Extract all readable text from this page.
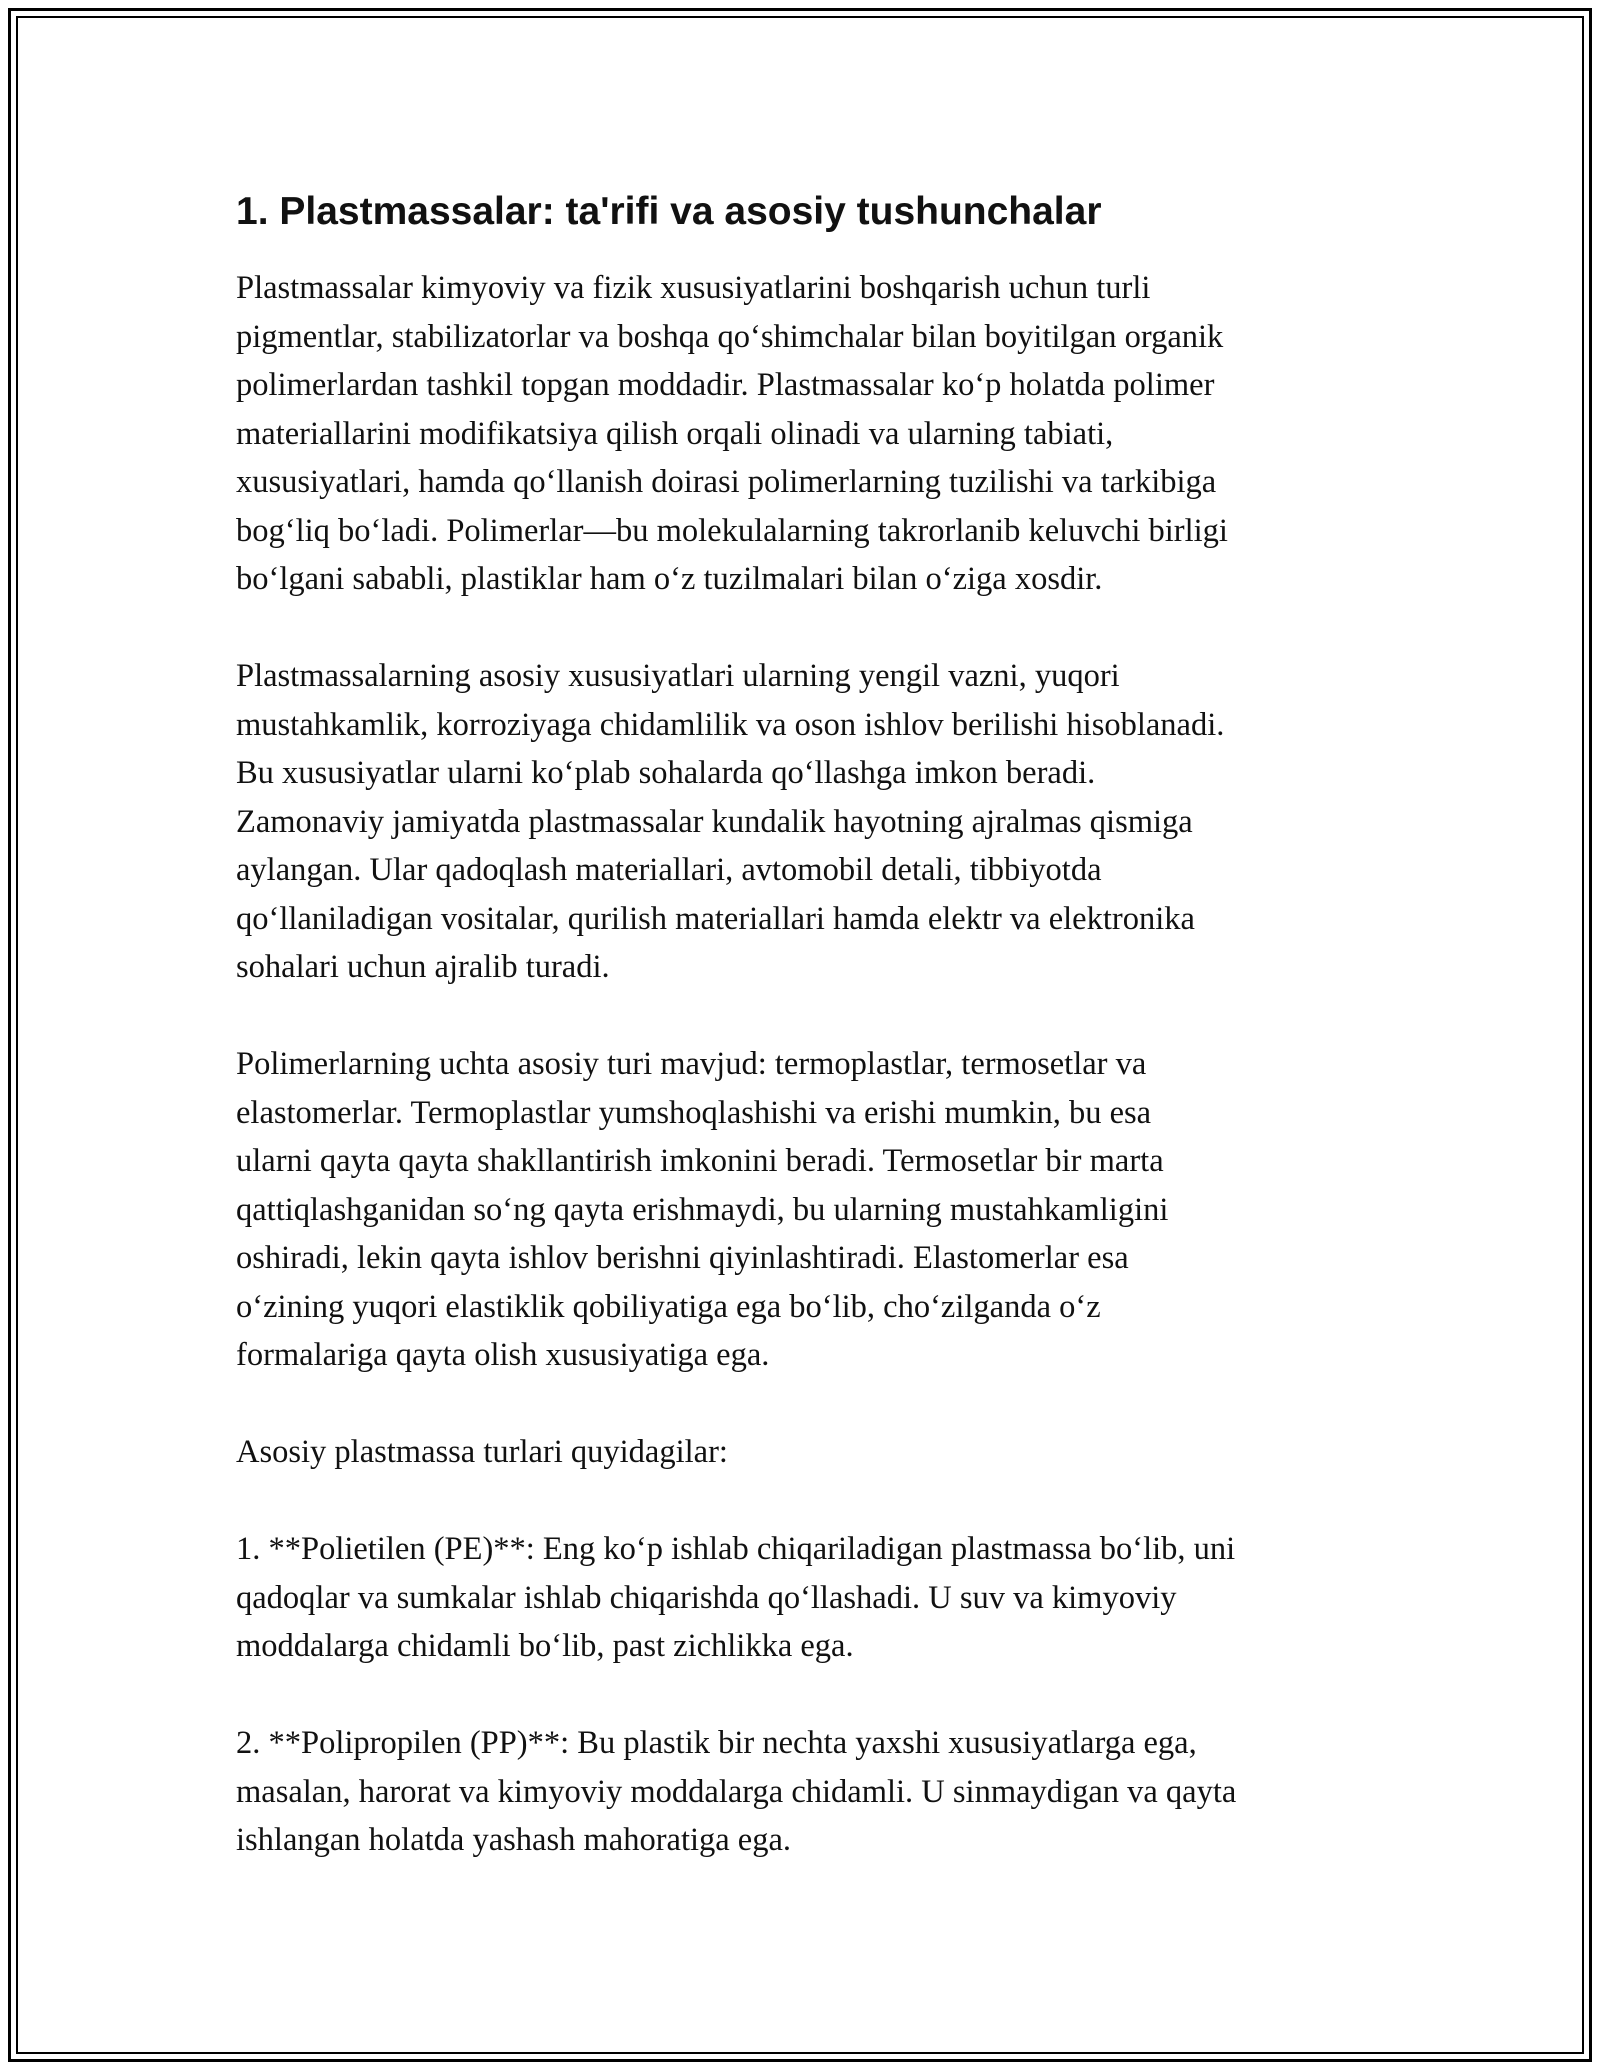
1. Plastmassalar: ta'rifi va asosiy tushunchalar
Plastmassalar kimyoviy va fizik xususiyatlarini boshqarish uchun turli
pigmentlar, stabilizatorlar va boshqa qo‘shimchalar bilan boyitilgan organik
polimerlardan tashkil topgan moddadir. Plastmassalar ko‘p holatda polimer
materiallarini modifikatsiya qilish orqali olinadi va ularning tabiati,
xususiyatlari, hamda qo‘llanish doirasi polimerlarning tuzilishi va tarkibiga
bog‘liq bo‘ladi. Polimerlar—bu molekulalarning takrorlanib keluvchi birligi
bo‘lgani sababli, plastiklar ham o‘z tuzilmalari bilan o‘ziga xosdir.
Plastmassalarning asosiy xususiyatlari ularning yengil vazni, yuqori
mustahkamlik, korroziyaga chidamlilik va oson ishlov berilishi hisoblanadi.
Bu xususiyatlar ularni ko‘plab sohalarda qo‘llashga imkon beradi.
Zamonaviy jamiyatda plastmassalar kundalik hayotning ajralmas qismiga
aylangan. Ular qadoqlash materiallari, avtomobil detali, tibbiyotda
qo‘llaniladigan vositalar, qurilish materiallari hamda elektr va elektronika
sohalari uchun ajralib turadi.
Polimerlarning uchta asosiy turi mavjud: termoplastlar, termosetlar va
elastomerlar. Termoplastlar yumshoqlashishi va erishi mumkin, bu esa
ularni qayta qayta shakllantirish imkonini beradi. Termosetlar bir marta
qattiqlashganidan so‘ng qayta erishmaydi, bu ularning mustahkamligini
oshiradi, lekin qayta ishlov berishni qiyinlashtiradi. Elastomerlar esa
o‘zining yuqori elastiklik qobiliyatiga ega bo‘lib, cho‘zilganda o‘z
formalariga qayta olish xususiyatiga ega.
Asosiy plastmassa turlari quyidagilar:
1. **Polietilen (PE)**: Eng ko‘p ishlab chiqariladigan plastmassa bo‘lib, uni
qadoqlar va sumkalar ishlab chiqarishda qo‘llashadi. U suv va kimyoviy
moddalarga chidamli bo‘lib, past zichlikka ega.
2. **Polipropilen (PP)**: Bu plastik bir nechta yaxshi xususiyatlarga ega,
masalan, harorat va kimyoviy moddalarga chidamli. U sinmaydigan va qayta
ishlangan holatda yashash mahoratiga ega.
